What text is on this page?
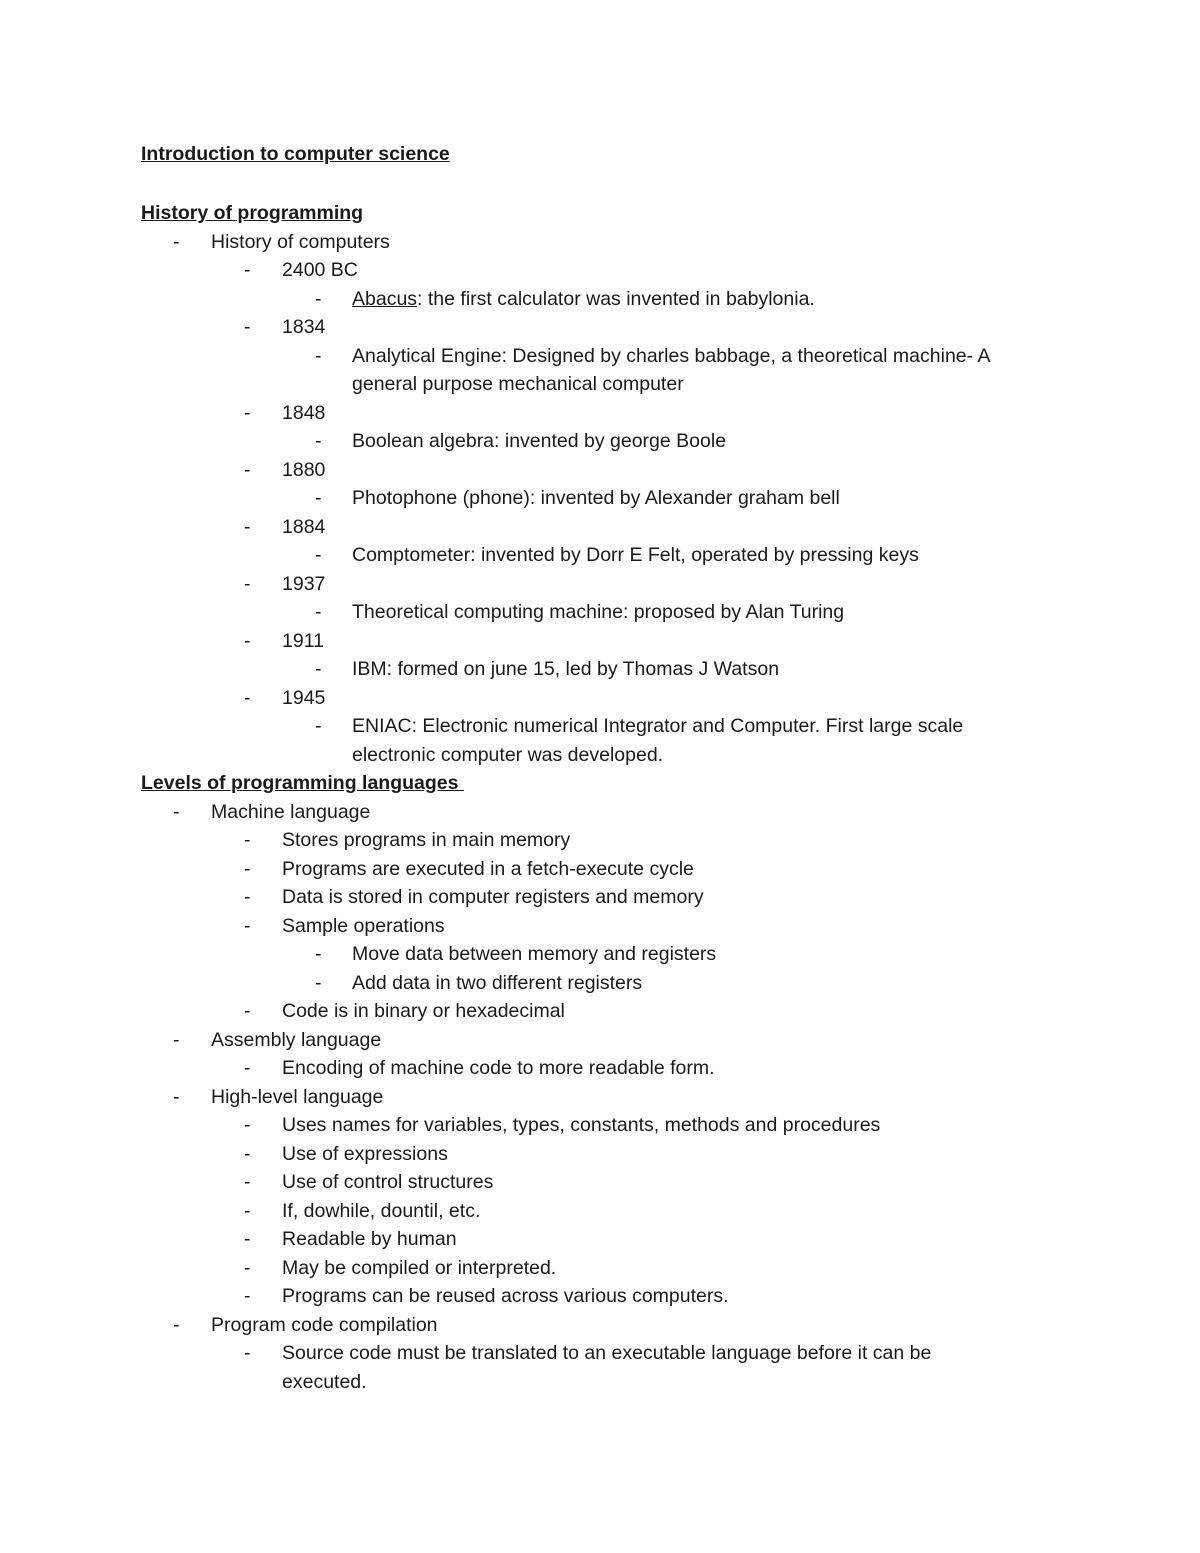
Introduction to computer science
History of programming
- History of computers
- 2400 BC
- Abacus: the first calculator was invented in babylonia.
- 1834
- Analytical Engine: Designed by charles babbage, a theoretical machine- A
general purpose mechanical computer
- 1848
- Boolean algebra: invented by george Boole
- 1880
- Photophone (phone): invented by Alexander graham bell
- 1884
- Comptometer: invented by Dorr E Felt, operated by pressing keys
- 1937
- Theoretical computing machine: proposed by Alan Turing
- 1911
- IBM: formed on june 15, led by Thomas J Watson
- 1945
- ENIAC: Electronic numerical Integrator and Computer. First large scale
electronic computer was developed.
Levels of programming languages
- Machine language
- Stores programs in main memory
- Programs are executed in a fetch-execute cycle
- Data is stored in computer registers and memory
- Sample operations
- Move data between memory and registers
- Add data in two different registers
- Code is in binary or hexadecimal
- Assembly language
- Encoding of machine code to more readable form.
- High-level language
- Uses names for variables, types, constants, methods and procedures
- Use of expressions
- Use of control structures
- If, dowhile, dountil, etc.
- Readable by human
- May be compiled or interpreted.
- Programs can be reused across various computers.
- Program code compilation
- Source code must be translated to an executable language before it can be
executed.
